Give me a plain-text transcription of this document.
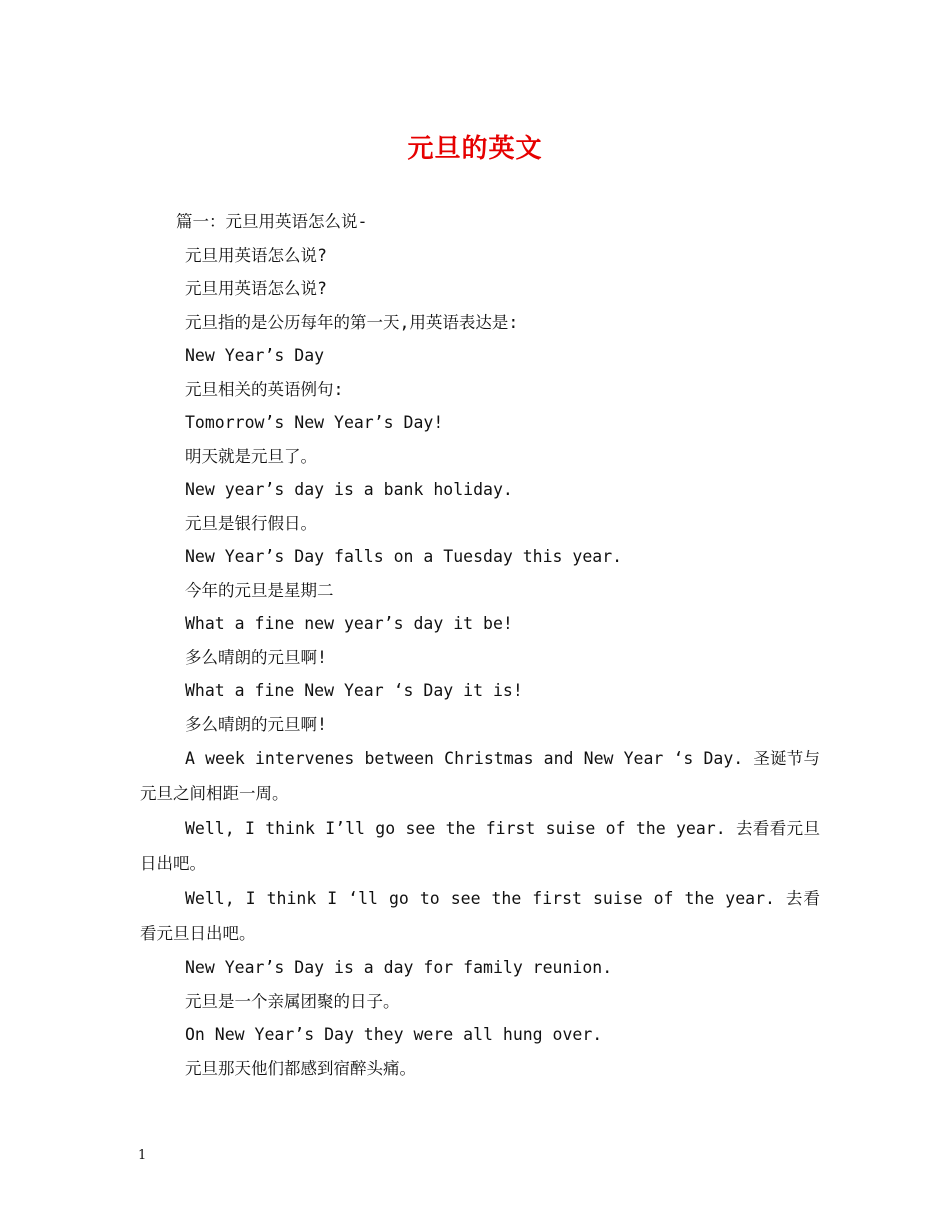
元旦的英文

篇一：元旦用英语怎么说-

元旦用英语怎么说?

元旦用英语怎么说?

元旦指的是公历每年的第一天,用英语表达是:

New Year’s Day

元旦相关的英语例句:

Tomorrow’s New Year’s Day!

明天就是元旦了。

New year’s day is a bank holiday.

元旦是银行假日。

New Year’s Day falls on a Tuesday this year.

今年的元旦是星期二

What a fine new year’s day it be!

多么晴朗的元旦啊!

What a fine New Year ‘s Day it is!

多么晴朗的元旦啊!

A week intervenes between Christmas and New Year ‘s Day. 圣诞节与元旦之间相距一周。

Well, I think I’ll go see the first suise of the year. 去看看元旦日出吧。

Well, I think I ‘ll go to see the first suise of the year. 去看看元旦日出吧。

New Year’s Day is a day for family reunion.

元旦是一个亲属团聚的日子。

On New Year’s Day they were all hung over.

元旦那天他们都感到宿醉头痛。

1
